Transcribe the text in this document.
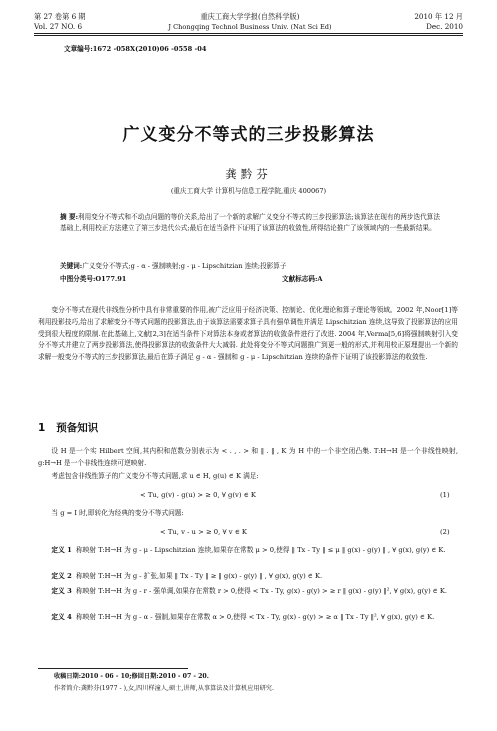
第 27 卷第 6 期
Vol. 27 NO. 6
重庆工商大学学报(自然科学版)
J Chongqing Technol Business Univ. (Nat Sci Ed)
2010 年 12 月
Dec. 2010
文章编号:1672 -058X(2010)06 -0558 -04
广义变分不等式的三步投影算法
龚黔芬
(重庆工商大学 计算机与信息工程学院,重庆 400067)
摘 要:利用变分不等式和不动点问题的等价关系,给出了一个新的求解广义变分不等式的三步投影算法;该算法在现有的两步迭代算法基础上,利用校正方法建立了第三步迭代公式;最后在适当条件下证明了该算法的收敛性,所得结论推广了该领域内的一些最新结果。
关键词:广义变分不等式;g - α - 强制映射;g - μ - Lipschitzian 连续;投影算子
中图分类号:O177.91	文献标志码:A
变分不等式在现代非线性分析中具有非常重要的作用,被广泛应用于经济决策、控制论、优化理论和算子理论等领域。2002 年,Noor[1]等利用投影技巧,给出了求解变分不等式问题的投影算法,由于该算法需要求算子具有强单调性并满足 Lipschitzian 连续,这导致了投影算法的应用受到很大程度的限制.在此基础上,文献[2,3]在适当条件下对算法本身或者算法的收敛条件进行了改进. 2004 年,Verma[5,6]将强制映射引入变分不等式并建立了两步投影算法,使得投影算法的收敛条件大大减弱. 此处将变分不等式问题推广到更一般的形式,并利用校正原理提出一个新的求解一般变分不等式的三步投影算法,最后在算子满足 g - α - 强制和 g - μ - Lipschitzian 连续的条件下证明了该投影算法的收敛性.
1 预备知识
设 H 是一个实 Hilbert 空间,其内积和范数分别表示为 < . , . > 和 ‖ . ‖ , K 为 H 中的一个非空闭凸集. T:H→H 是一个非线性映射, g:H→H 是一个非线性连续可逆映射.
考虑包含非线性算子的广义变分不等式问题,求 u ∈ H, g(u) ∈ K 满足:
< Tu, g(v) - g(u) > ≥ 0, ∀ g(v) ∈ K	(1)
当 g = I 时,即转化为经典的变分不等式问题:
< Tu, v - u > ≥ 0, ∀ v ∈ K	(2)
定义 1 称映射 T:H→H 为 g - μ - Lipschitzian 连续,如果存在常数 μ > 0,使得 ‖ Tx - Ty ‖ ≤ μ ‖ g(x) - g(y) ‖ , ∀ g(x), g(y) ∈ K.
定义 2 称映射 T:H→H 为 g - 扩张,如果 ‖ Tx - Ty ‖ ≥ ‖ g(x) - g(y) ‖ , ∀ g(x), g(y) ∈ K.
定义 3 称映射 T:H→H 为 g - r - 强单调,如果存在常数 r > 0,使得 < Tx - Ty, g(x) - g(y) > ≥ r ‖ g(x) - g(y) ‖², ∀ g(x), g(y) ∈ K.
定义 4 称映射 T:H→H 为 g - α - 强制,如果存在常数 α > 0,使得 < Tx - Ty, g(x) - g(y) > ≥ α ‖ Tx - Ty ‖², ∀ g(x), g(y) ∈ K.
收稿日期:2010 - 06 - 10;修回日期:2010 - 07 - 20.
作者简介:龚黔芬(1977 - ),女,四川样潼人,硕士,讲师,从事算法及计算机应用研究.
